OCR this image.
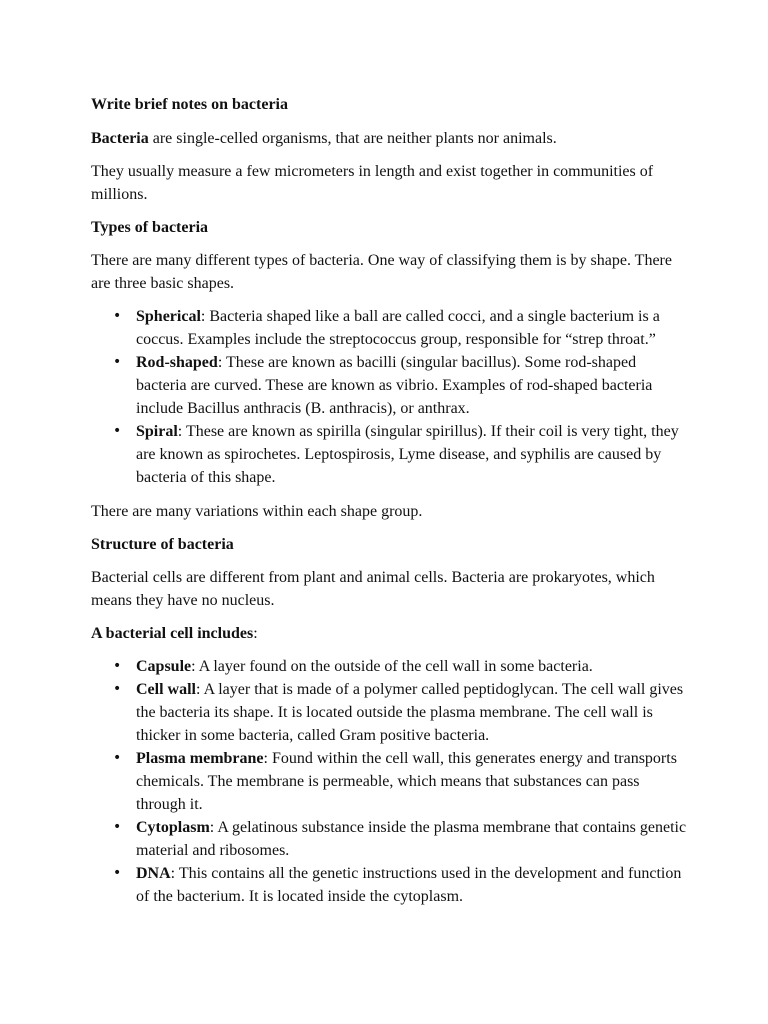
Write brief notes on bacteria

Bacteria are single-celled organisms, that are neither plants nor animals.

They usually measure a few micrometers in length and exist together in communities of millions.

Types of bacteria

There are many different types of bacteria. One way of classifying them is by shape. There are three basic shapes.

• Spherical: Bacteria shaped like a ball are called cocci, and a single bacterium is a coccus. Examples include the streptococcus group, responsible for “strep throat.”
• Rod-shaped: These are known as bacilli (singular bacillus). Some rod-shaped bacteria are curved. These are known as vibrio. Examples of rod-shaped bacteria include Bacillus anthracis (B. anthracis), or anthrax.
• Spiral: These are known as spirilla (singular spirillus). If their coil is very tight, they are known as spirochetes. Leptospirosis, Lyme disease, and syphilis are caused by bacteria of this shape.

There are many variations within each shape group.

Structure of bacteria

Bacterial cells are different from plant and animal cells. Bacteria are prokaryotes, which means they have no nucleus.

A bacterial cell includes:

• Capsule: A layer found on the outside of the cell wall in some bacteria.
• Cell wall: A layer that is made of a polymer called peptidoglycan. The cell wall gives the bacteria its shape. It is located outside the plasma membrane. The cell wall is thicker in some bacteria, called Gram positive bacteria.
• Plasma membrane: Found within the cell wall, this generates energy and transports chemicals. The membrane is permeable, which means that substances can pass through it.
• Cytoplasm: A gelatinous substance inside the plasma membrane that contains genetic material and ribosomes.
• DNA: This contains all the genetic instructions used in the development and function of the bacterium. It is located inside the cytoplasm.
